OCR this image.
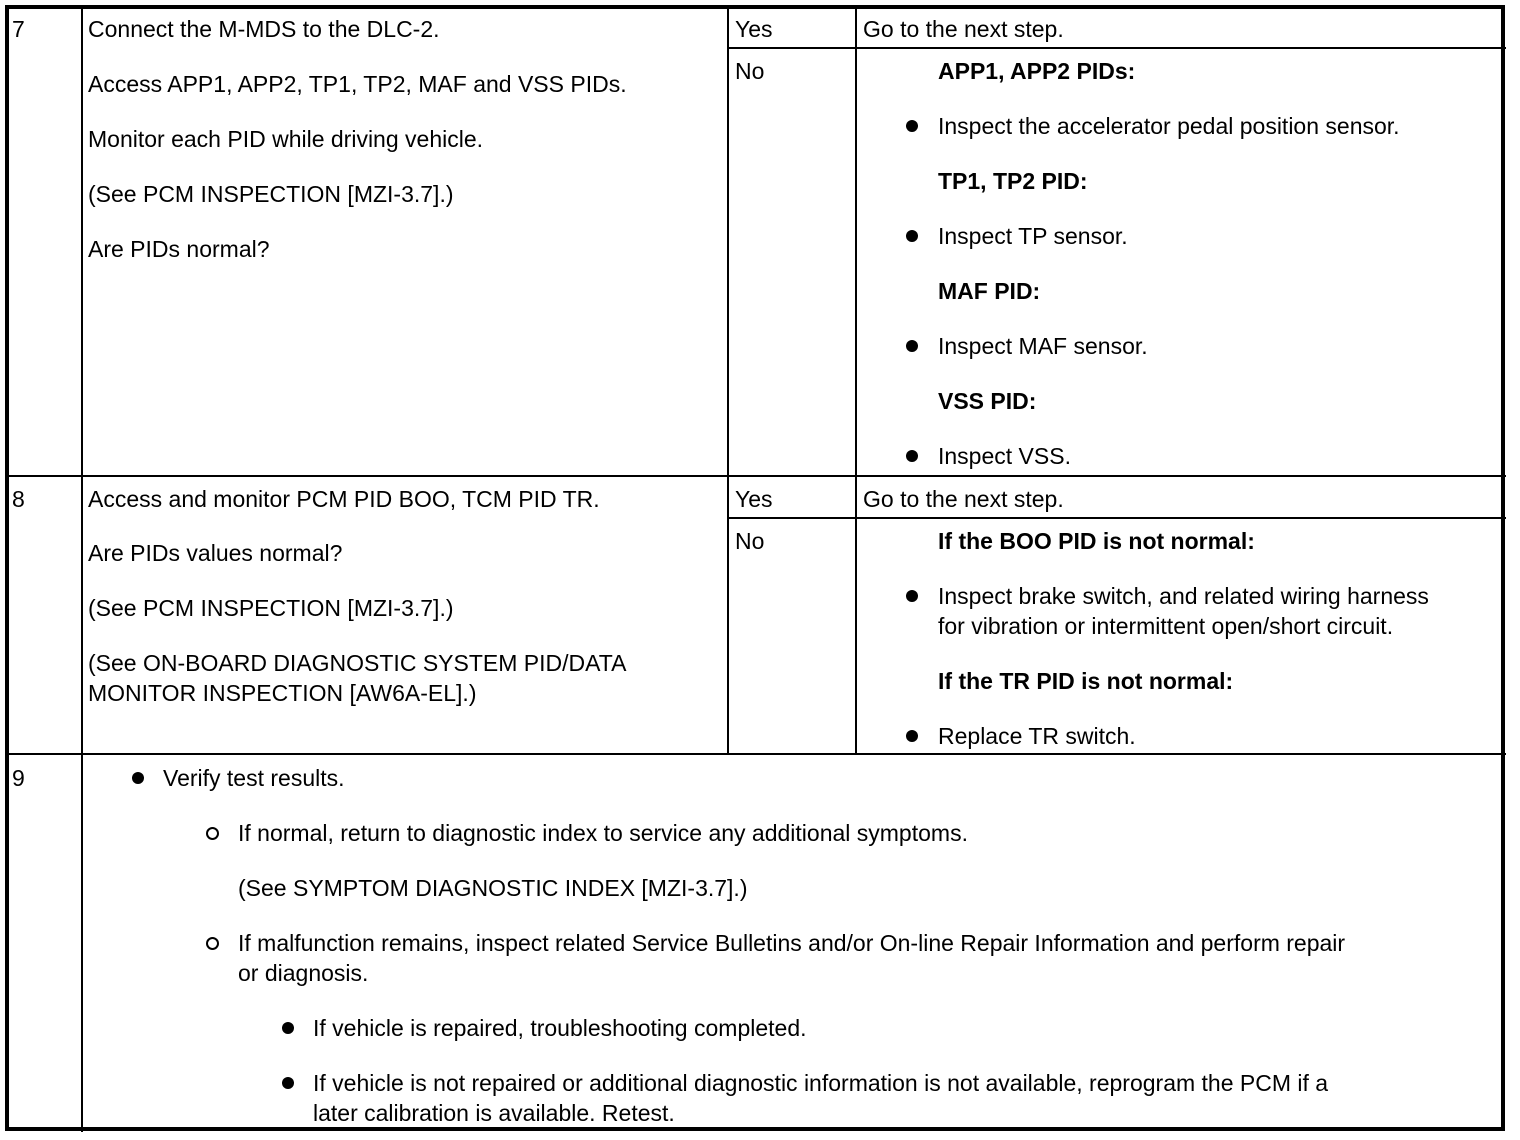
7	Connect the M-MDS to the DLC-2.
Access APP1, APP2, TP1, TP2, MAF and VSS PIDs.
Monitor each PID while driving vehicle.
(See PCM INSPECTION [MZI-3.7].)
Are PIDs normal?
Yes	Go to the next step.
No	APP1, APP2 PIDs:
Inspect the accelerator pedal position sensor.
TP1, TP2 PID:
Inspect TP sensor.
MAF PID:
Inspect MAF sensor.
VSS PID:
Inspect VSS.
8	Access and monitor PCM PID BOO, TCM PID TR.
Are PIDs values normal?
(See PCM INSPECTION [MZI-3.7].)
(See ON-BOARD DIAGNOSTIC SYSTEM PID/DATA
MONITOR INSPECTION [AW6A-EL].)
Yes	Go to the next step.
No	If the BOO PID is not normal:
Inspect brake switch, and related wiring harness
for vibration or intermittent open/short circuit.
If the TR PID is not normal:
Replace TR switch.
9	Verify test results.
If normal, return to diagnostic index to service any additional symptoms.
(See SYMPTOM DIAGNOSTIC INDEX [MZI-3.7].)
If malfunction remains, inspect related Service Bulletins and/or On-line Repair Information and perform repair
or diagnosis.
If vehicle is repaired, troubleshooting completed.
If vehicle is not repaired or additional diagnostic information is not available, reprogram the PCM if a
later calibration is available. Retest.
